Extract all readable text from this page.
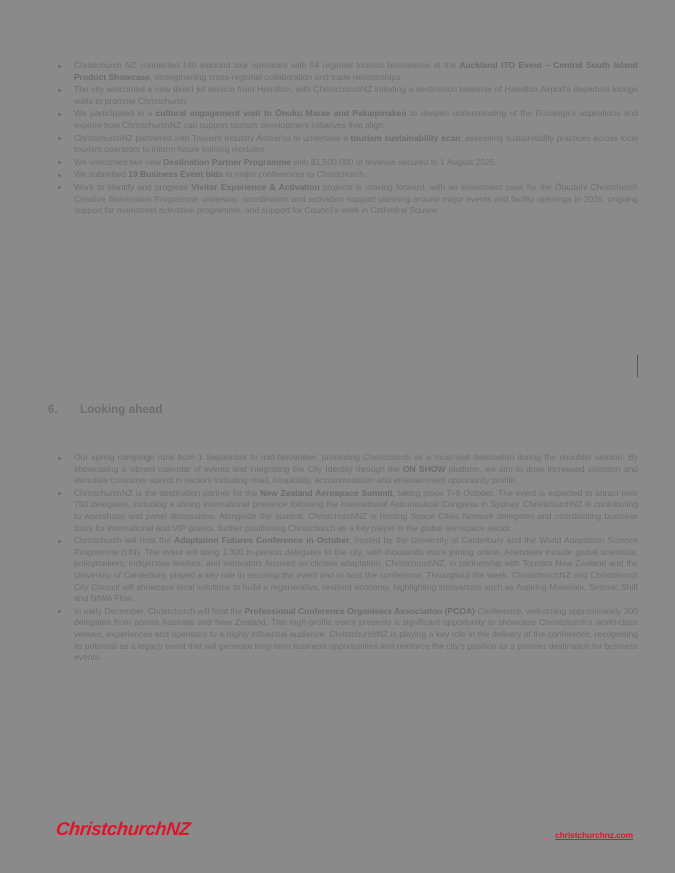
Christchurch NZ connected 140 inbound tour operators with 54 regional tourism businesses at the Auckland ITO Event – Central South Island Product Showcase, strengthening cross-regional collaboration and trade relationships.
The city welcomed a new direct jet service from Hamilton, with ChristchurchNZ initiating a destination takeover of Hamilton Airport's departure lounge walls to promote Christchurch.
We participated in a cultural engagement visit to Ōnuku Marae and Pakaipinakeo to deepen understanding of the Rūnanga's aspirations and explore how ChristchurchNZ can support tourism development initiatives that align.
ChristchurchNZ partnered with Tourism Industry Aotearoa to undertake a tourism sustainability scan, assessing sustainability practices across local tourism operators to inform future training modules.
We welcomed two new Destination Partner Programme with $1,500,000 of revenue secured to 1 August 2025.
We submitted 19 Business Event bids to major conferences to Christchurch.
Work to identify and progress Visitor Experience & Activation projects is moving forward, with an investment case for the Ōtautahi Christchurch Creative Illumination Programme underway, coordination and activation support planning around major events and facility openings in 2026, ongoing support for mainstreet activation programme, and support for Council's work in Cathedral Square.
6. Looking ahead
Our spring campaign runs from 1 September to mid-November, promoting Christchurch as a must-visit destination during the shoulder season. By showcasing a vibrant calendar of events and integrating the City Identity through the ON SHOW platform, we aim to drive increased visitation and stimulate consumer spend in sectors including retail, hospitality, accommodation and entertainment opportunity profile.
ChristchurchNZ is the destination partner for the New Zealand Aerospace Summit, taking place 7–9 October. The event is expected to attract over 750 delegates, including a strong international presence following the International Astronautical Congress in Sydney. ChristchurchNZ is contributing to workshops and panel discussions. Alongside the summit, ChristchurchNZ is hosting Space Cities Network delegates and coordinating business tours for international and VIP guests, further positioning Christchurch as a key player in the global aerospace sector.
Christchurch will host the Adaptation Futures Conference in October, hosted by the University of Canterbury and the World Adaptation Science Programme (UN). The event will bring 1,300 in-person delegates to the city, with thousands more joining online. Attendees include global scientists, policymakers, indigenous leaders, and innovators focused on climate adaptation. ChristchurchNZ, in partnership with Tourism New Zealand and the University of Canterbury, played a key role in securing the event and to host the conference. Throughout the week, ChristchurchNZ and Christchurch City Council will showcase local solutions to build a regenerative, resilient economy, highlighting innovations such as Aspiring Materials, Seismic Shift and NIWA Flow.
In early December, Christchurch will host the Professional Conference Organisers Association (PCOA) Conference, welcoming approximately 300 delegates from across Australia and New Zealand. This high-profile event presents a significant opportunity to showcase Christchurch's world-class venues, experiences and operators to a highly influential audience. ChristchurchNZ is playing a key role in the delivery of the conference, recognising its potential as a legacy event that will generate long-term business opportunities and reinforce the city's position as a premier destination for business events.
ChristchurchNZ	christchurchnz.com
